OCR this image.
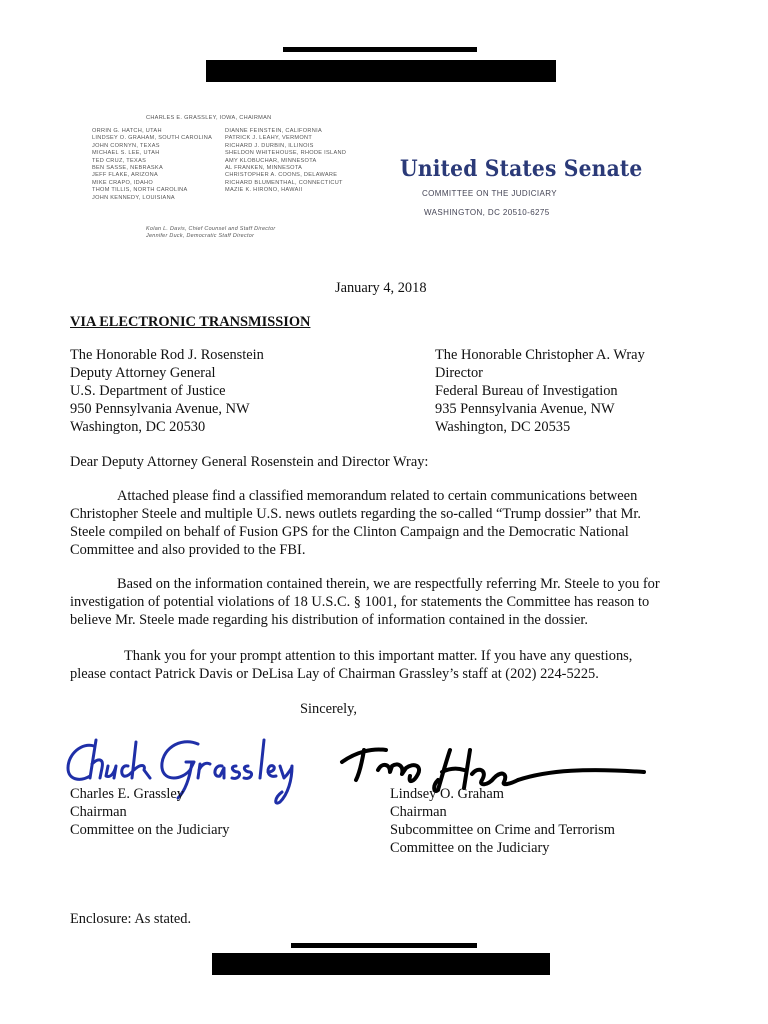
CHARLES E. GRASSLEY, IOWA, CHAIRMAN
ORRIN G. HATCH, UTAH
LINDSEY O. GRAHAM, SOUTH CAROLINA
JOHN CORNYN, TEXAS
MICHAEL S. LEE, UTAH
TED CRUZ, TEXAS
BEN SASSE, NEBRASKA
JEFF FLAKE, ARIZONA
MIKE CRAPO, IDAHO
THOM TILLIS, NORTH CAROLINA
JOHN KENNEDY, LOUISIANA
DIANNE FEINSTEIN, CALIFORNIA
PATRICK J. LEAHY, VERMONT
RICHARD J. DURBIN, ILLINOIS
SHELDON WHITEHOUSE, RHODE ISLAND
AMY KLOBUCHAR, MINNESOTA
AL FRANKEN, MINNESOTA
CHRISTOPHER A. COONS, DELAWARE
RICHARD BLUMENTHAL, CONNECTICUT
MAZIE K. HIRONO, HAWAII
Kolan L. Davis, Chief Counsel and Staff Director
Jennifer Duck, Democratic Staff Director
United States Senate
COMMITTEE ON THE JUDICIARY
WASHINGTON, DC 20510-6275
January 4, 2018
VIA ELECTRONIC TRANSMISSION
The Honorable Rod J. Rosenstein
Deputy Attorney General
U.S. Department of Justice
950 Pennsylvania Avenue, NW
Washington, DC 20530
The Honorable Christopher A. Wray
Director
Federal Bureau of Investigation
935 Pennsylvania Avenue, NW
Washington, DC 20535
Dear Deputy Attorney General Rosenstein and Director Wray:
Attached please find a classified memorandum related to certain communications between
Christopher Steele and multiple U.S. news outlets regarding the so-called “Trump dossier” that Mr.
Steele compiled on behalf of Fusion GPS for the Clinton Campaign and the Democratic National
Committee and also provided to the FBI.
Based on the information contained therein, we are respectfully referring Mr. Steele to you for
investigation of potential violations of 18 U.S.C. § 1001, for statements the Committee has reason to
believe Mr. Steele made regarding his distribution of information contained in the dossier.
Thank you for your prompt attention to this important matter. If you have any questions,
please contact Patrick Davis or DeLisa Lay of Chairman Grassley’s staff at (202) 224-5225.
Sincerely,
Charles E. Grassley
Chairman
Committee on the Judiciary
Lindsey O. Graham
Chairman
Subcommittee on Crime and Terrorism
Committee on the Judiciary
Enclosure: As stated.
